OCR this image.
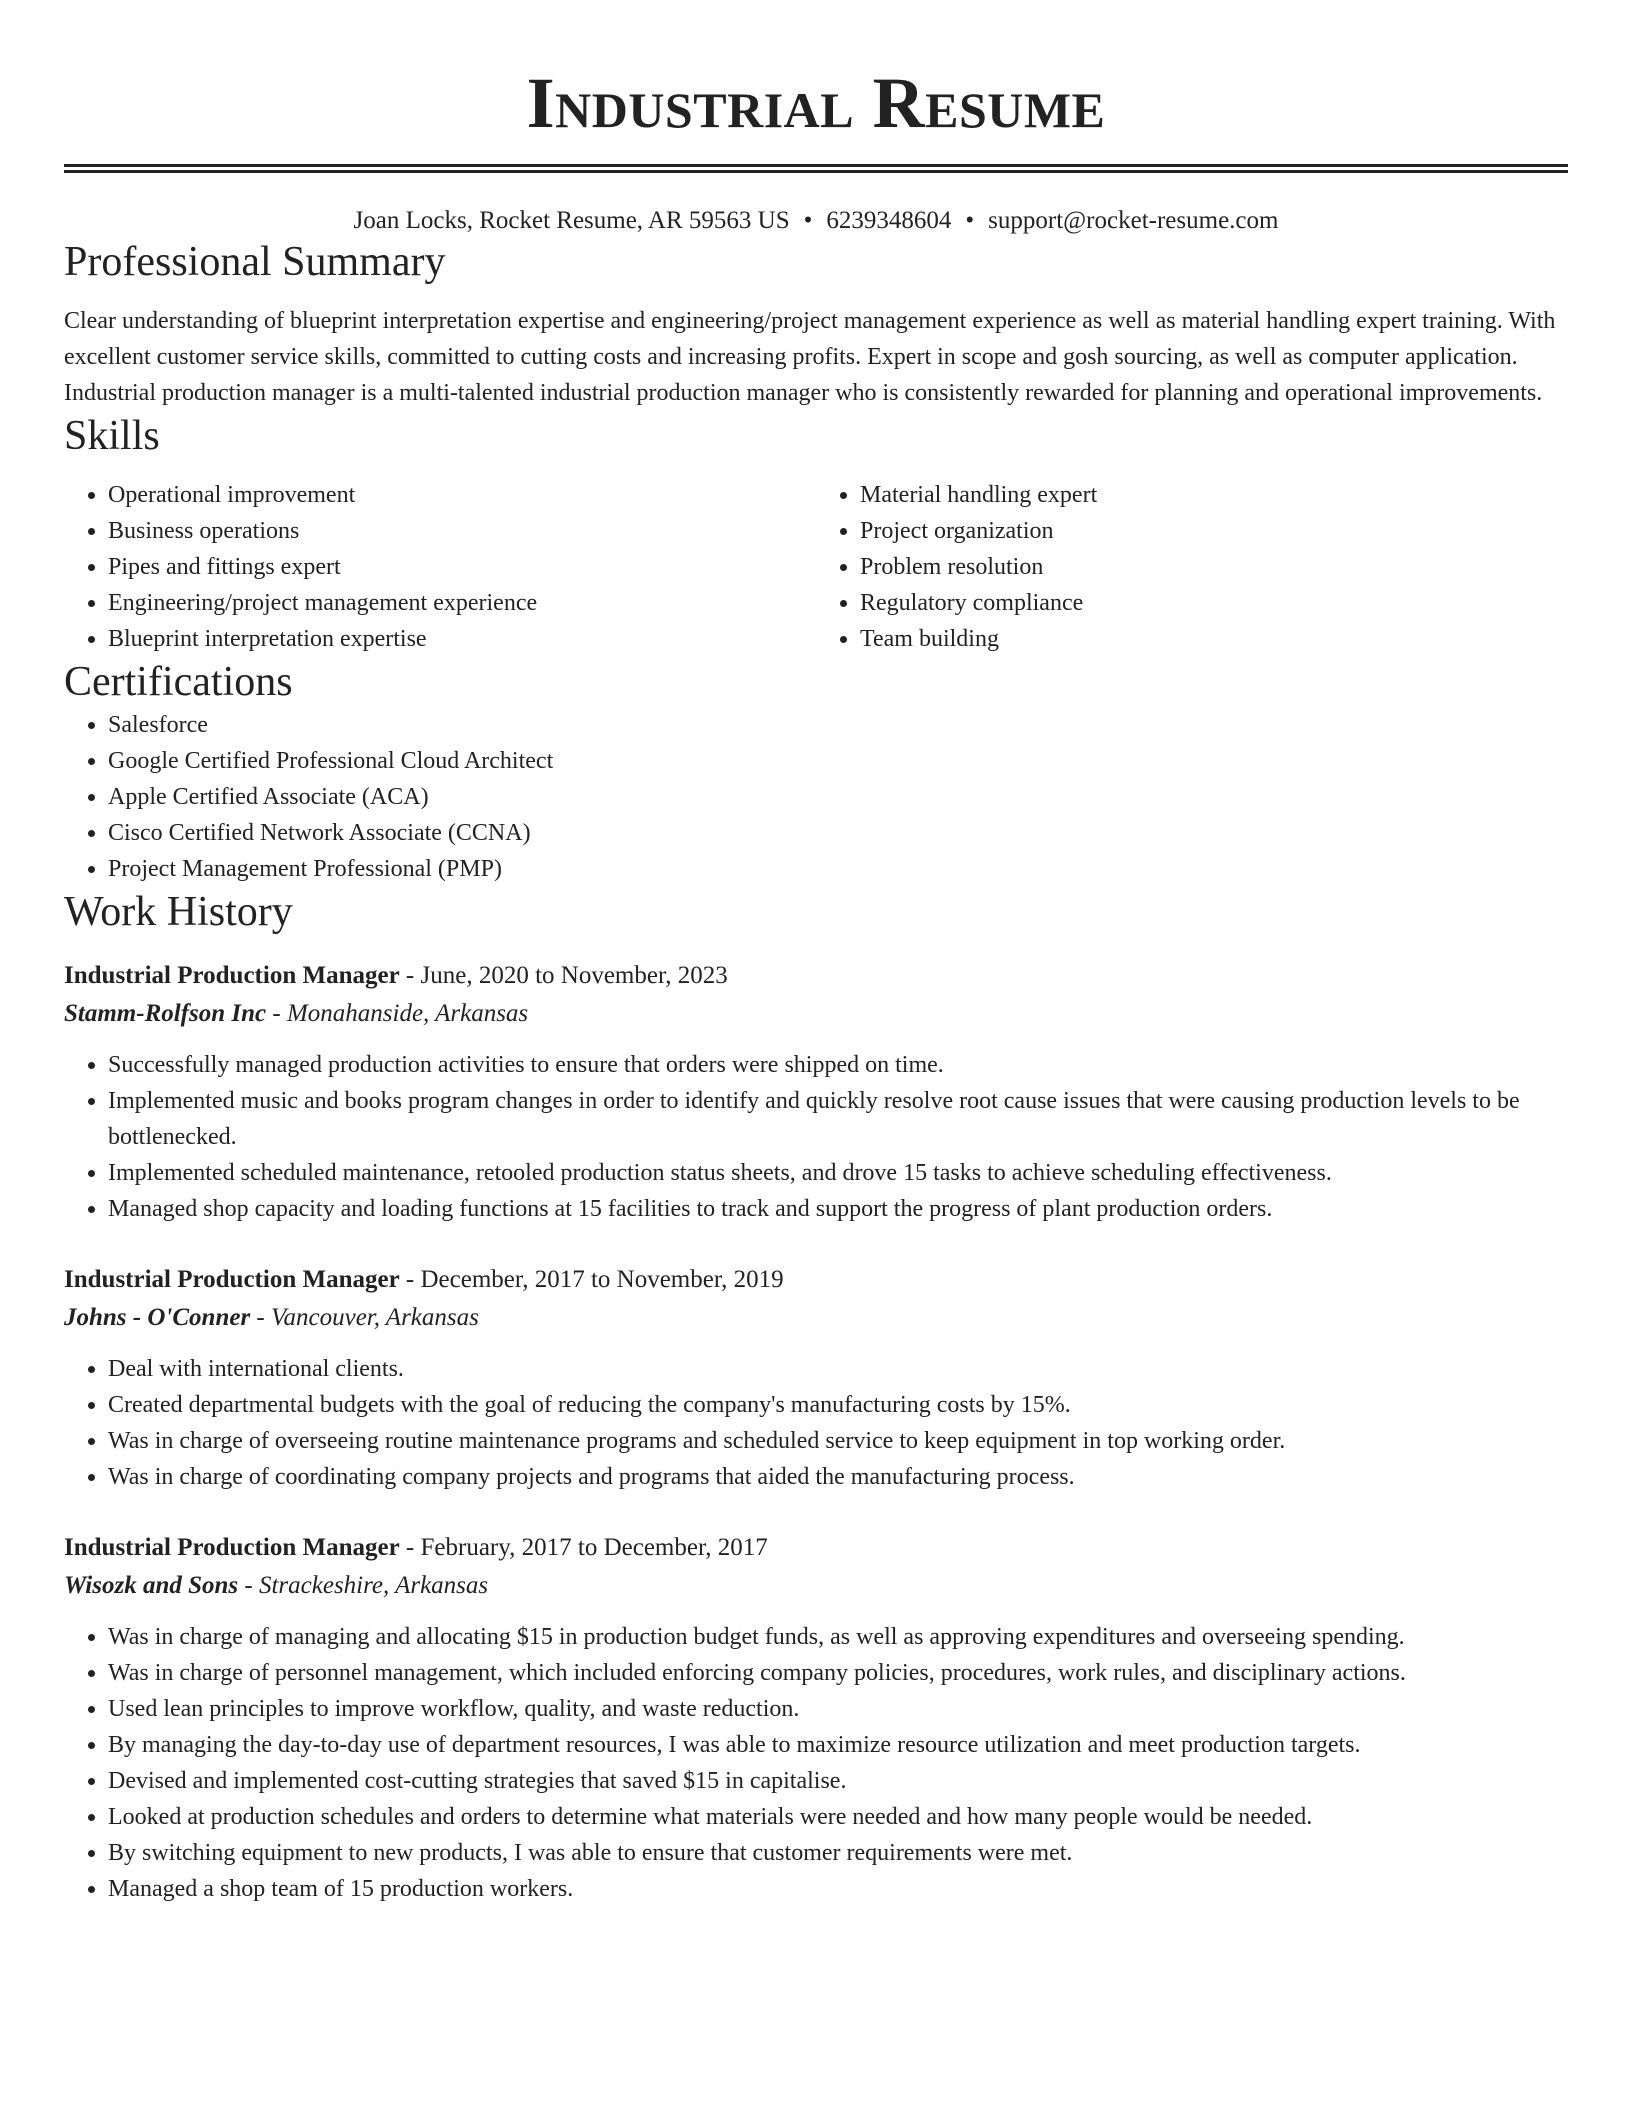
Industrial Resume
Joan Locks, Rocket Resume, AR 59563 US • 6239348604 • support@rocket-resume.com
Professional Summary

Clear understanding of blueprint interpretation expertise and engineering/project management experience as well as material handling expert training. With excellent customer service skills, committed to cutting costs and increasing profits. Expert in scope and gosh sourcing, as well as computer application. Industrial production manager is a multi-talented industrial production manager who is consistently rewarded for planning and operational improvements.

Skills
• Operational improvement
• Business operations
• Pipes and fittings expert
• Engineering/project management experience
• Blueprint interpretation expertise
• Material handling expert
• Project organization
• Problem resolution
• Regulatory compliance
• Team building
Certifications
• Salesforce
• Google Certified Professional Cloud Architect
• Apple Certified Associate (ACA)
• Cisco Certified Network Associate (CCNA)
• Project Management Professional (PMP)
Work History
Industrial Production Manager - June, 2020 to November, 2023
Stamm-Rolfson Inc - Monahanside, Arkansas
• Successfully managed production activities to ensure that orders were shipped on time.
• Implemented music and books program changes in order to identify and quickly resolve root cause issues that were causing production levels to be bottlenecked.
• Implemented scheduled maintenance, retooled production status sheets, and drove 15 tasks to achieve scheduling effectiveness.
• Managed shop capacity and loading functions at 15 facilities to track and support the progress of plant production orders.
Industrial Production Manager - December, 2017 to November, 2019
Johns - O'Conner - Vancouver, Arkansas
• Deal with international clients.
• Created departmental budgets with the goal of reducing the company's manufacturing costs by 15%.
• Was in charge of overseeing routine maintenance programs and scheduled service to keep equipment in top working order.
• Was in charge of coordinating company projects and programs that aided the manufacturing process.
Industrial Production Manager - February, 2017 to December, 2017
Wisozk and Sons - Strackeshire, Arkansas
• Was in charge of managing and allocating $15 in production budget funds, as well as approving expenditures and overseeing spending.
• Was in charge of personnel management, which included enforcing company policies, procedures, work rules, and disciplinary actions.
• Used lean principles to improve workflow, quality, and waste reduction.
• By managing the day-to-day use of department resources, I was able to maximize resource utilization and meet production targets.
• Devised and implemented cost-cutting strategies that saved $15 in capitalise.
• Looked at production schedules and orders to determine what materials were needed and how many people would be needed.
• By switching equipment to new products, I was able to ensure that customer requirements were met.
• Managed a shop team of 15 production workers.
